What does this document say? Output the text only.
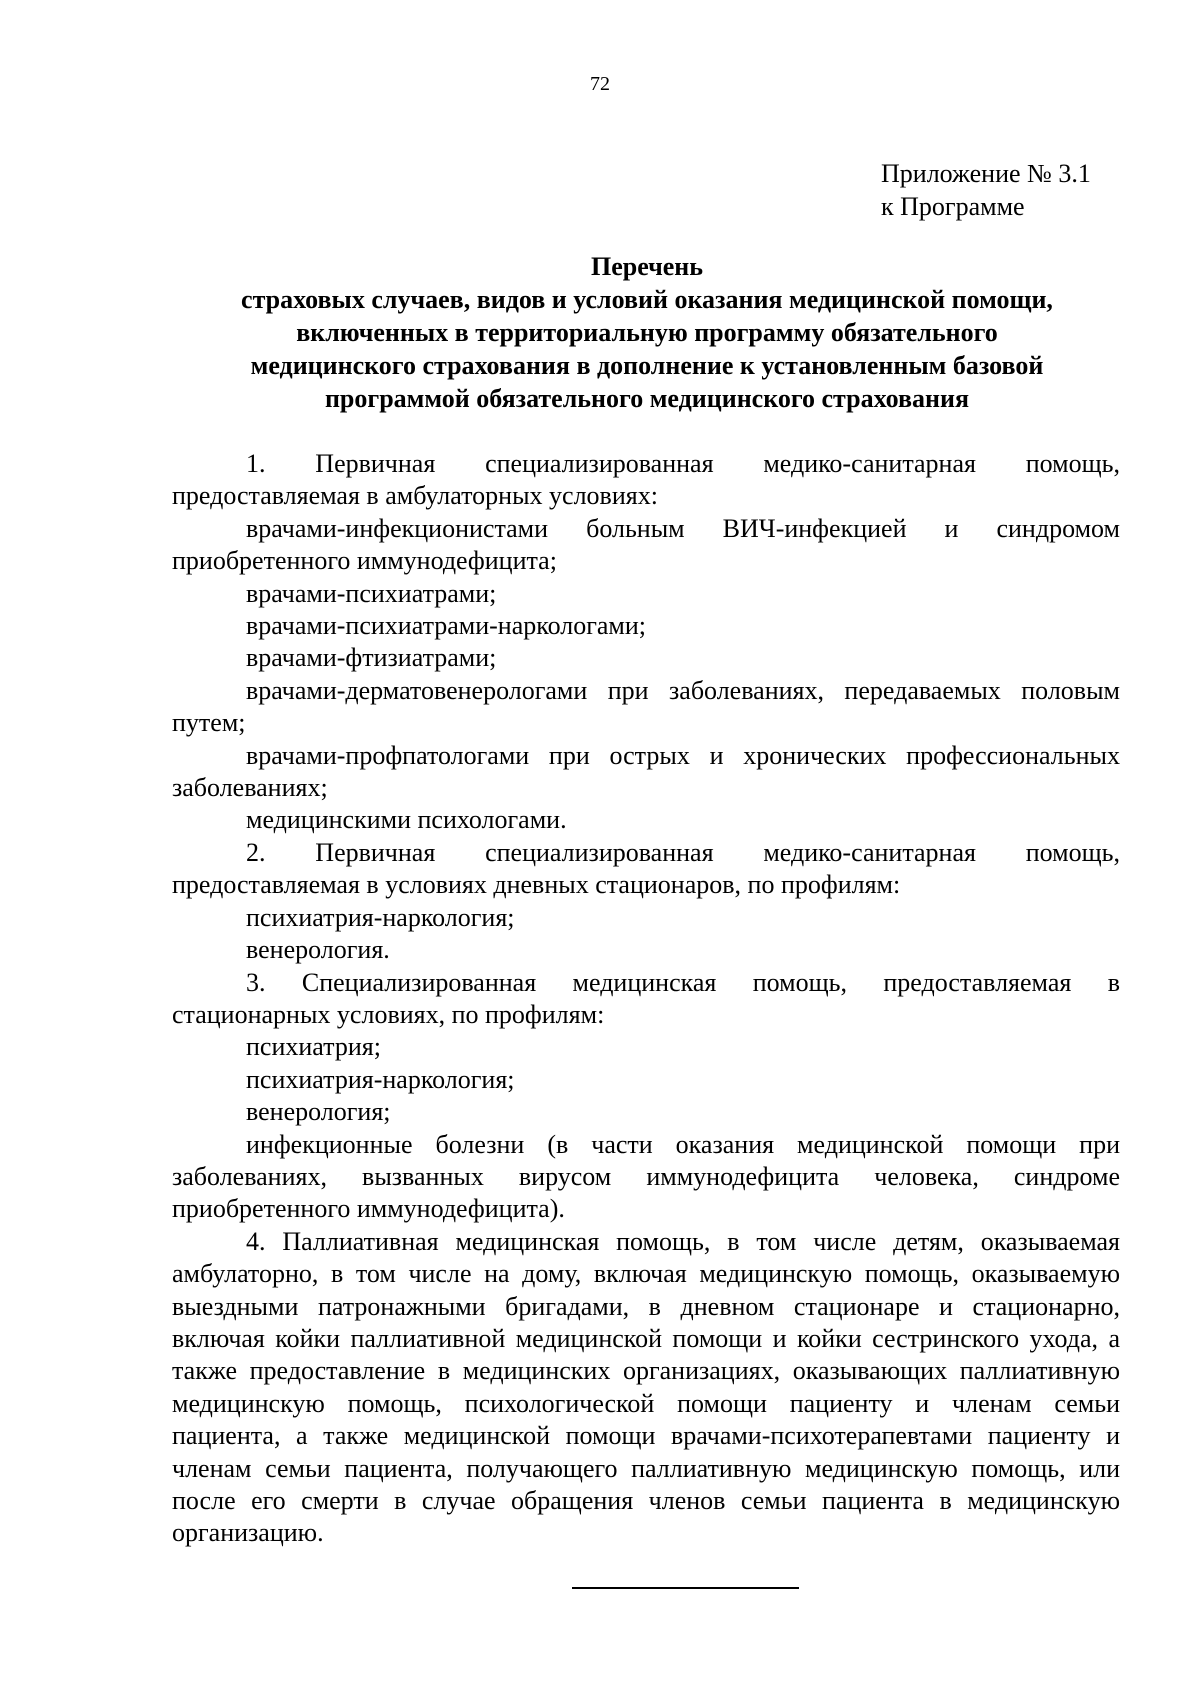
72
Приложение № 3.1
к Программе
Перечень
страховых случаев, видов и условий оказания медицинской помощи,
включенных в территориальную программу обязательного
медицинского страхования в дополнение к установленным базовой
программой обязательного медицинского страхования

1. Первичная специализированная медико-санитарная помощь, предоставляемая в амбулаторных условиях:

врачами-инфекционистами больным ВИЧ-инфекцией и синдромом приобретенного иммунодефицита;

врачами-психиатрами;

врачами-психиатрами-наркологами;

врачами-фтизиатрами;

врачами-дерматовенерологами при заболеваниях, передаваемых половым путем;

врачами-профпатологами при острых и хронических профессиональных заболеваниях;

медицинскими психологами.

2. Первичная специализированная медико-санитарная помощь, предоставляемая в условиях дневных стационаров, по профилям:

психиатрия-наркология;

венерология.

3. Специализированная медицинская помощь, предоставляемая в стационарных условиях, по профилям:

психиатрия;

психиатрия-наркология;

венерология;

инфекционные болезни (в части оказания медицинской помощи при заболеваниях, вызванных вирусом иммунодефицита человека, синдроме приобретенного иммунодефицита).

4. Паллиативная медицинская помощь, в том числе детям, оказываемая амбулаторно, в том числе на дому, включая медицинскую помощь, оказываемую выездными патронажными бригадами, в дневном стационаре и стационарно, включая койки паллиативной медицинской помощи и койки сестринского ухода, а также предоставление в медицинских организациях, оказывающих паллиативную медицинскую помощь, психологической помощи пациенту и членам семьи пациента, а также медицинской помощи врачами-психотерапевтами пациенту и членам семьи пациента, получающего паллиативную медицинскую помощь, или после его смерти в случае обращения членов семьи пациента в медицинскую организацию.
